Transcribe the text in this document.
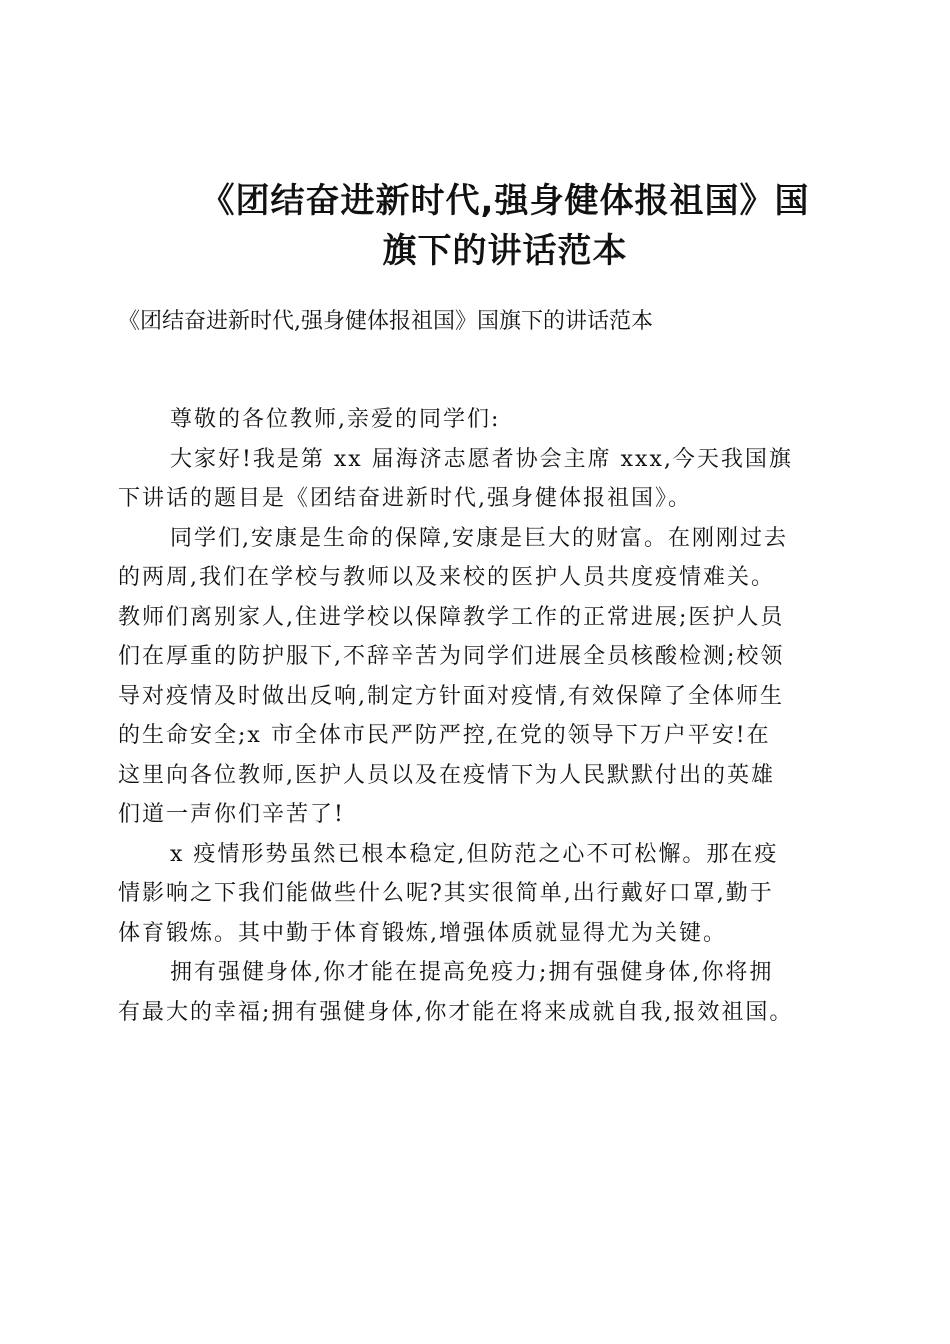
《团结奋进新时代,强身健体报祖国》国
旗下的讲话范本
《团结奋进新时代,强身健体报祖国》国旗下的讲话范本
尊敬的各位教师,亲爱的同学们:
大家好!我是第 xx 届海济志愿者协会主席 xxx,今天我国旗
下讲话的题目是《团结奋进新时代,强身健体报祖国》。
同学们,安康是生命的保障,安康是巨大的财富。在刚刚过去
的两周,我们在学校与教师以及来校的医护人员共度疫情难关。
教师们离别家人,住进学校以保障教学工作的正常进展;医护人员
们在厚重的防护服下,不辞辛苦为同学们进展全员核酸检测;校领
导对疫情及时做出反响,制定方针面对疫情,有效保障了全体师生
的生命安全;x 市全体市民严防严控,在党的领导下万户平安!在
这里向各位教师,医护人员以及在疫情下为人民默默付出的英雄
们道一声你们辛苦了!
x 疫情形势虽然已根本稳定,但防范之心不可松懈。那在疫
情影响之下我们能做些什么呢?其实很简单,出行戴好口罩,勤于
体育锻炼。其中勤于体育锻炼,增强体质就显得尤为关键。
拥有强健身体,你才能在提高免疫力;拥有强健身体,你将拥
有最大的幸福;拥有强健身体,你才能在将来成就自我,报效祖国。
